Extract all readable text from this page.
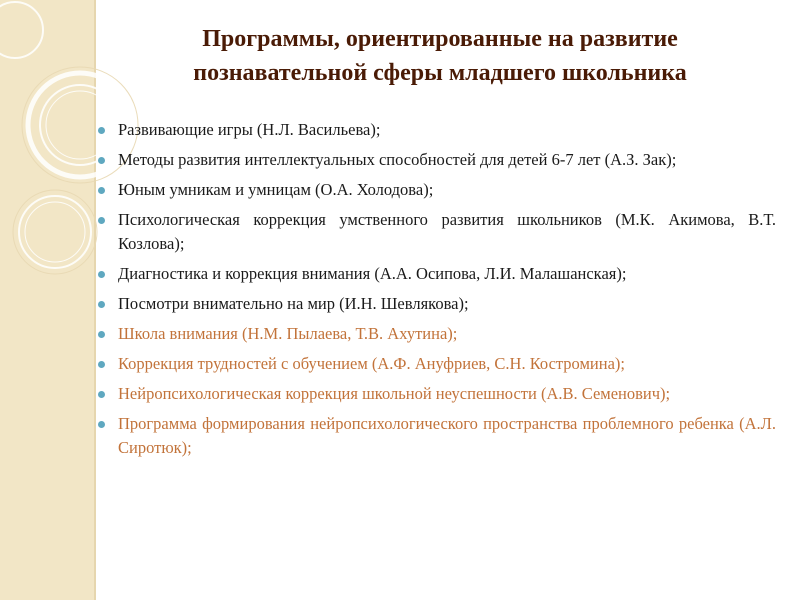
Программы, ориентированные на развитие
познавательной сферы младшего школьника
Развивающие игры (Н.Л. Васильева);
Методы развития интеллектуальных способностей для детей 6-7 лет (А.З. Зак);
Юным умникам и умницам (О.А. Холодова);
Психологическая коррекция умственного развития школьников (М.К. Акимова, В.Т. Козлова);
Диагностика и коррекция внимания (А.А. Осипова, Л.И. Малашанская);
Посмотри внимательно на мир (И.Н. Шевлякова);
Школа внимания (Н.М. Пылаева, Т.В. Ахутина);
Коррекция трудностей с обучением (А.Ф. Ануфриев, С.Н. Костромина);
Нейропсихологическая коррекция школьной неуспешности (А.В. Семенович);
Программа формирования нейропсихологического пространства проблемного ребенка (А.Л. Сиротюк);
